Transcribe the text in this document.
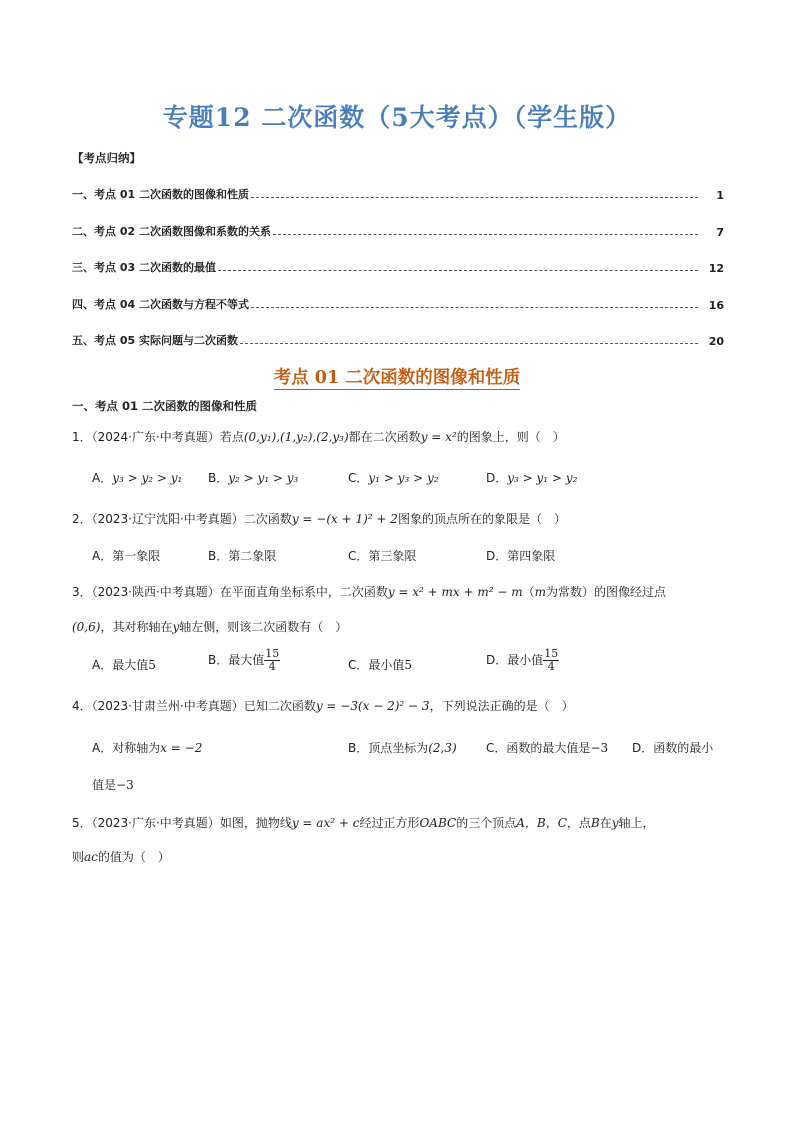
专题12 二次函数（5大考点）（学生版）
【考点归纳】
一、考点 01 二次函数的图像和性质	1
二、考点 02 二次函数图像和系数的关系	7
三、考点 03 二次函数的最值	12
四、考点 04 二次函数与方程不等式	16
五、考点 05 实际问题与二次函数	20
考点 01 二次函数的图像和性质
一、考点 01 二次函数的图像和性质
1．（2024·广东·中考真题）若点(0,y₁),(1,y₂),(2,y₃)都在二次函数y = x²的图象上，则（　）
A．y₃ > y₂ > y₁ B．y₂ > y₁ > y₃	C．y₁ > y₃ > y₂	D．y₃ > y₁ > y₂
2．（2023·辽宁沈阳·中考真题）二次函数y = −(x + 1)² + 2图象的顶点所在的象限是（　）
A．第一象限	B．第二象限	C．第三象限	D．第四象限
3．（2023·陕西·中考真题）在平面直角坐标系中，二次函数y = x² + mx + m² − m（m为常数）的图像经过点
(0,6)，其对称轴在y轴左侧，则该二次函数有（　）
A．最大值5	B．最大值 $\frac{15}{4}$	C．最小值5	D．最小值 $\frac{15}{4}$
4．（2023·甘肃兰州·中考真题）已知二次函数y = −3(x − 2)² − 3，下列说法正确的是（　）
A．对称轴为x = −2	B．顶点坐标为(2,3) C．函数的最大值是−3 D．函数的最小
值是−3
5．（2023·广东·中考真题）如图，抛物线y = ax² + c经过正方形OABC的三个顶点A，B，C，点B在y轴上，
则ac的值为（　）
